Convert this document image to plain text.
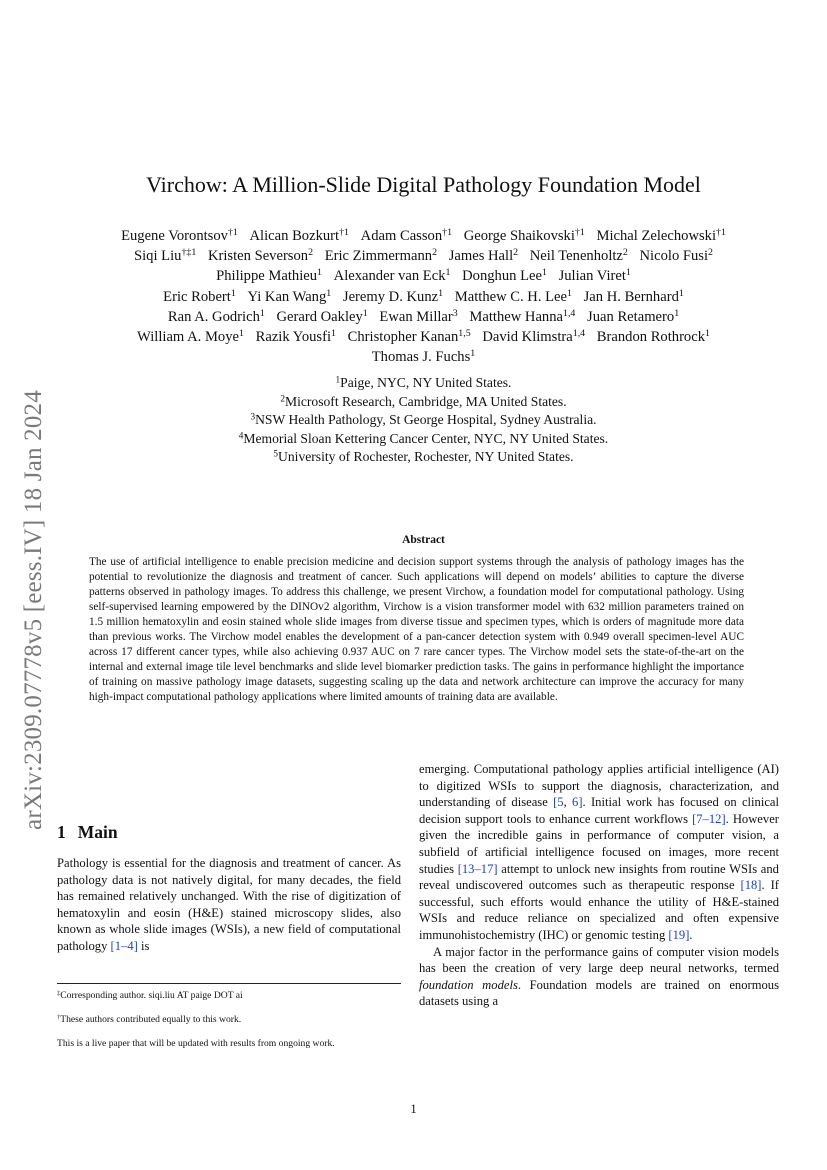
arXiv:2309.07778v5 [eess.IV] 18 Jan 2024
Virchow: A Million-Slide Digital Pathology Foundation Model
Eugene Vorontsov$^{\dagger 1}$ Alican Bozkurt$^{\dagger 1}$ Adam Casson$^{\dagger 1}$ George Shaikovski$^{\dagger 1}$ Michal Zelechowski$^{\dagger 1}$
Siqi Liu$^{\dagger\ddagger 1}$ Kristen Severson$^2$ Eric Zimmermann$^2$ James Hall$^2$ Neil Tenenholtz$^2$ Nicolo Fusi$^2$
Philippe Mathieu$^1$ Alexander van Eck$^1$ Donghun Lee$^1$ Julian Viret$^1$
Eric Robert$^1$ Yi Kan Wang$^1$ Jeremy D. Kunz$^1$ Matthew C. H. Lee$^1$ Jan H. Bernhard$^1$
Ran A. Godrich$^1$ Gerard Oakley$^1$ Ewan Millar$^3$ Matthew Hanna$^{1,4}$ Juan Retamero$^1$
William A. Moye$^1$ Razik Yousfi$^1$ Christopher Kanan$^{1,5}$ David Klimstra$^{1,4}$ Brandon Rothrock$^1$
Thomas J. Fuchs$^1$
$^1$Paige, NYC, NY United States.
$^2$Microsoft Research, Cambridge, MA United States.
$^3$NSW Health Pathology, St George Hospital, Sydney Australia.
$^4$Memorial Sloan Kettering Cancer Center, NYC, NY United States.
$^5$University of Rochester, Rochester, NY United States.
Abstract

The use of artificial intelligence to enable precision medicine and decision support systems through the analysis of pathology images has the potential to revolutionize the diagnosis and treatment of cancer. Such applications will depend on models’ abilities to capture the diverse patterns observed in pathology images. To address this challenge, we present Virchow, a foundation model for computational pathology. Using self-supervised learning empowered by the DINOv2 algorithm, Virchow is a vision transformer model with 632 million parameters trained on 1.5 million hematoxylin and eosin stained whole slide images from diverse tissue and specimen types, which is orders of magnitude more data than previous works. The Virchow model enables the development of a pan-cancer detection system with 0.949 overall specimen-level AUC across 17 different cancer types, while also achieving 0.937 AUC on 7 rare cancer types. The Virchow model sets the state-of-the-art on the internal and external image tile level benchmarks and slide level biomarker prediction tasks. The gains in performance highlight the importance of training on massive pathology image datasets, suggesting scaling up the data and network architecture can improve the accuracy for many high-impact computational pathology applications where limited amounts of training data are available.

1 Main

Pathology is essential for the diagnosis and treatment of cancer. As pathology data is not natively digital, for many decades, the field has remained relatively unchanged. With the rise of digitization of hematoxylin and eosin (H&E) stained microscopy slides, also known as whole slide images (WSIs), a new field of computational pathology [1–4] is

‡Corresponding author. siqi.liu AT paige DOT ai

†These authors contributed equally to this work.

This is a live paper that will be updated with results from ongoing work.

emerging. Computational pathology applies artificial intelligence (AI) to digitized WSIs to support the diagnosis, characterization, and understanding of disease [5, 6]. Initial work has focused on clinical decision support tools to enhance current workflows [7–12]. However given the incredible gains in performance of computer vision, a subfield of artificial intelligence focused on images, more recent studies [13–17] attempt to unlock new insights from routine WSIs and reveal undiscovered outcomes such as therapeutic response [18]. If successful, such efforts would enhance the utility of H&E-stained WSIs and reduce reliance on specialized and often expensive immunohistochemistry (IHC) or genomic testing [19].

A major factor in the performance gains of computer vision models has been the creation of very large deep neural networks, termed foundation models. Foundation models are trained on enormous datasets using a

1
